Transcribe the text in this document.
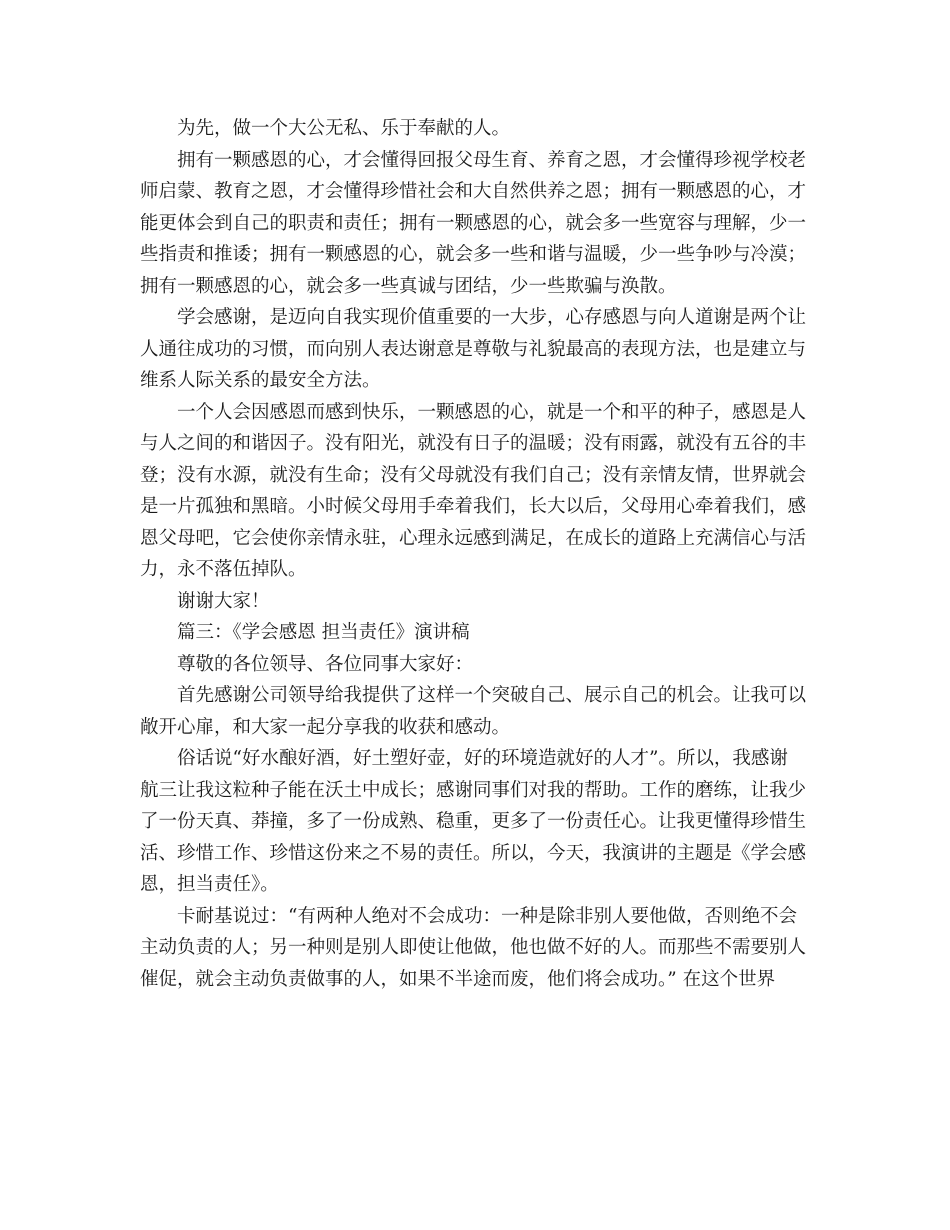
为先，做一个大公无私、乐于奉献的人。
拥有一颗感恩的心，才会懂得回报父母生育、养育之恩，才会懂得珍视学校老
师启蒙、教育之恩，才会懂得珍惜社会和大自然供养之恩；拥有一颗感恩的心，才
能更体会到自己的职责和责任；拥有一颗感恩的心，就会多一些宽容与理解，少一
些指责和推诿；拥有一颗感恩的心，就会多一些和谐与温暖，少一些争吵与冷漠；
拥有一颗感恩的心，就会多一些真诚与团结，少一些欺骗与涣散。
学会感谢，是迈向自我实现价值重要的一大步，心存感恩与向人道谢是两个让
人通往成功的习惯，而向别人表达谢意是尊敬与礼貌最高的表现方法，也是建立与
维系人际关系的最安全方法。
一个人会因感恩而感到快乐，一颗感恩的心，就是一个和平的种子，感恩是人
与人之间的和谐因子。没有阳光，就没有日子的温暖；没有雨露，就没有五谷的丰
登；没有水源，就没有生命；没有父母就没有我们自己；没有亲情友情，世界就会
是一片孤独和黑暗。小时候父母用手牵着我们，长大以后，父母用心牵着我们，感
恩父母吧，它会使你亲情永驻，心理永远感到满足，在成长的道路上充满信心与活
力，永不落伍掉队。
谢谢大家！
篇三：《学会感恩 担当责任》演讲稿
尊敬的各位领导、各位同事大家好：
首先感谢公司领导给我提供了这样一个突破自己、展示自己的机会。让我可以
敞开心扉，和大家一起分享我的收获和感动。
俗话说“好水酿好酒，好土塑好壶，好的环境造就好的人才”。所以，我感谢
航三让我这粒种子能在沃土中成长；感谢同事们对我的帮助。工作的磨练，让我少
了一份天真、莽撞，多了一份成熟、稳重，更多了一份责任心。让我更懂得珍惜生
活、珍惜工作、珍惜这份来之不易的责任。所以，今天，我演讲的主题是《学会感
恩，担当责任》。
卡耐基说过：“有两种人绝对不会成功：一种是除非别人要他做，否则绝不会
主动负责的人；另一种则是别人即使让他做，他也做不好的人。而那些不需要别人
催促，就会主动负责做事的人，如果不半途而废，他们将会成功。” 在这个世界
